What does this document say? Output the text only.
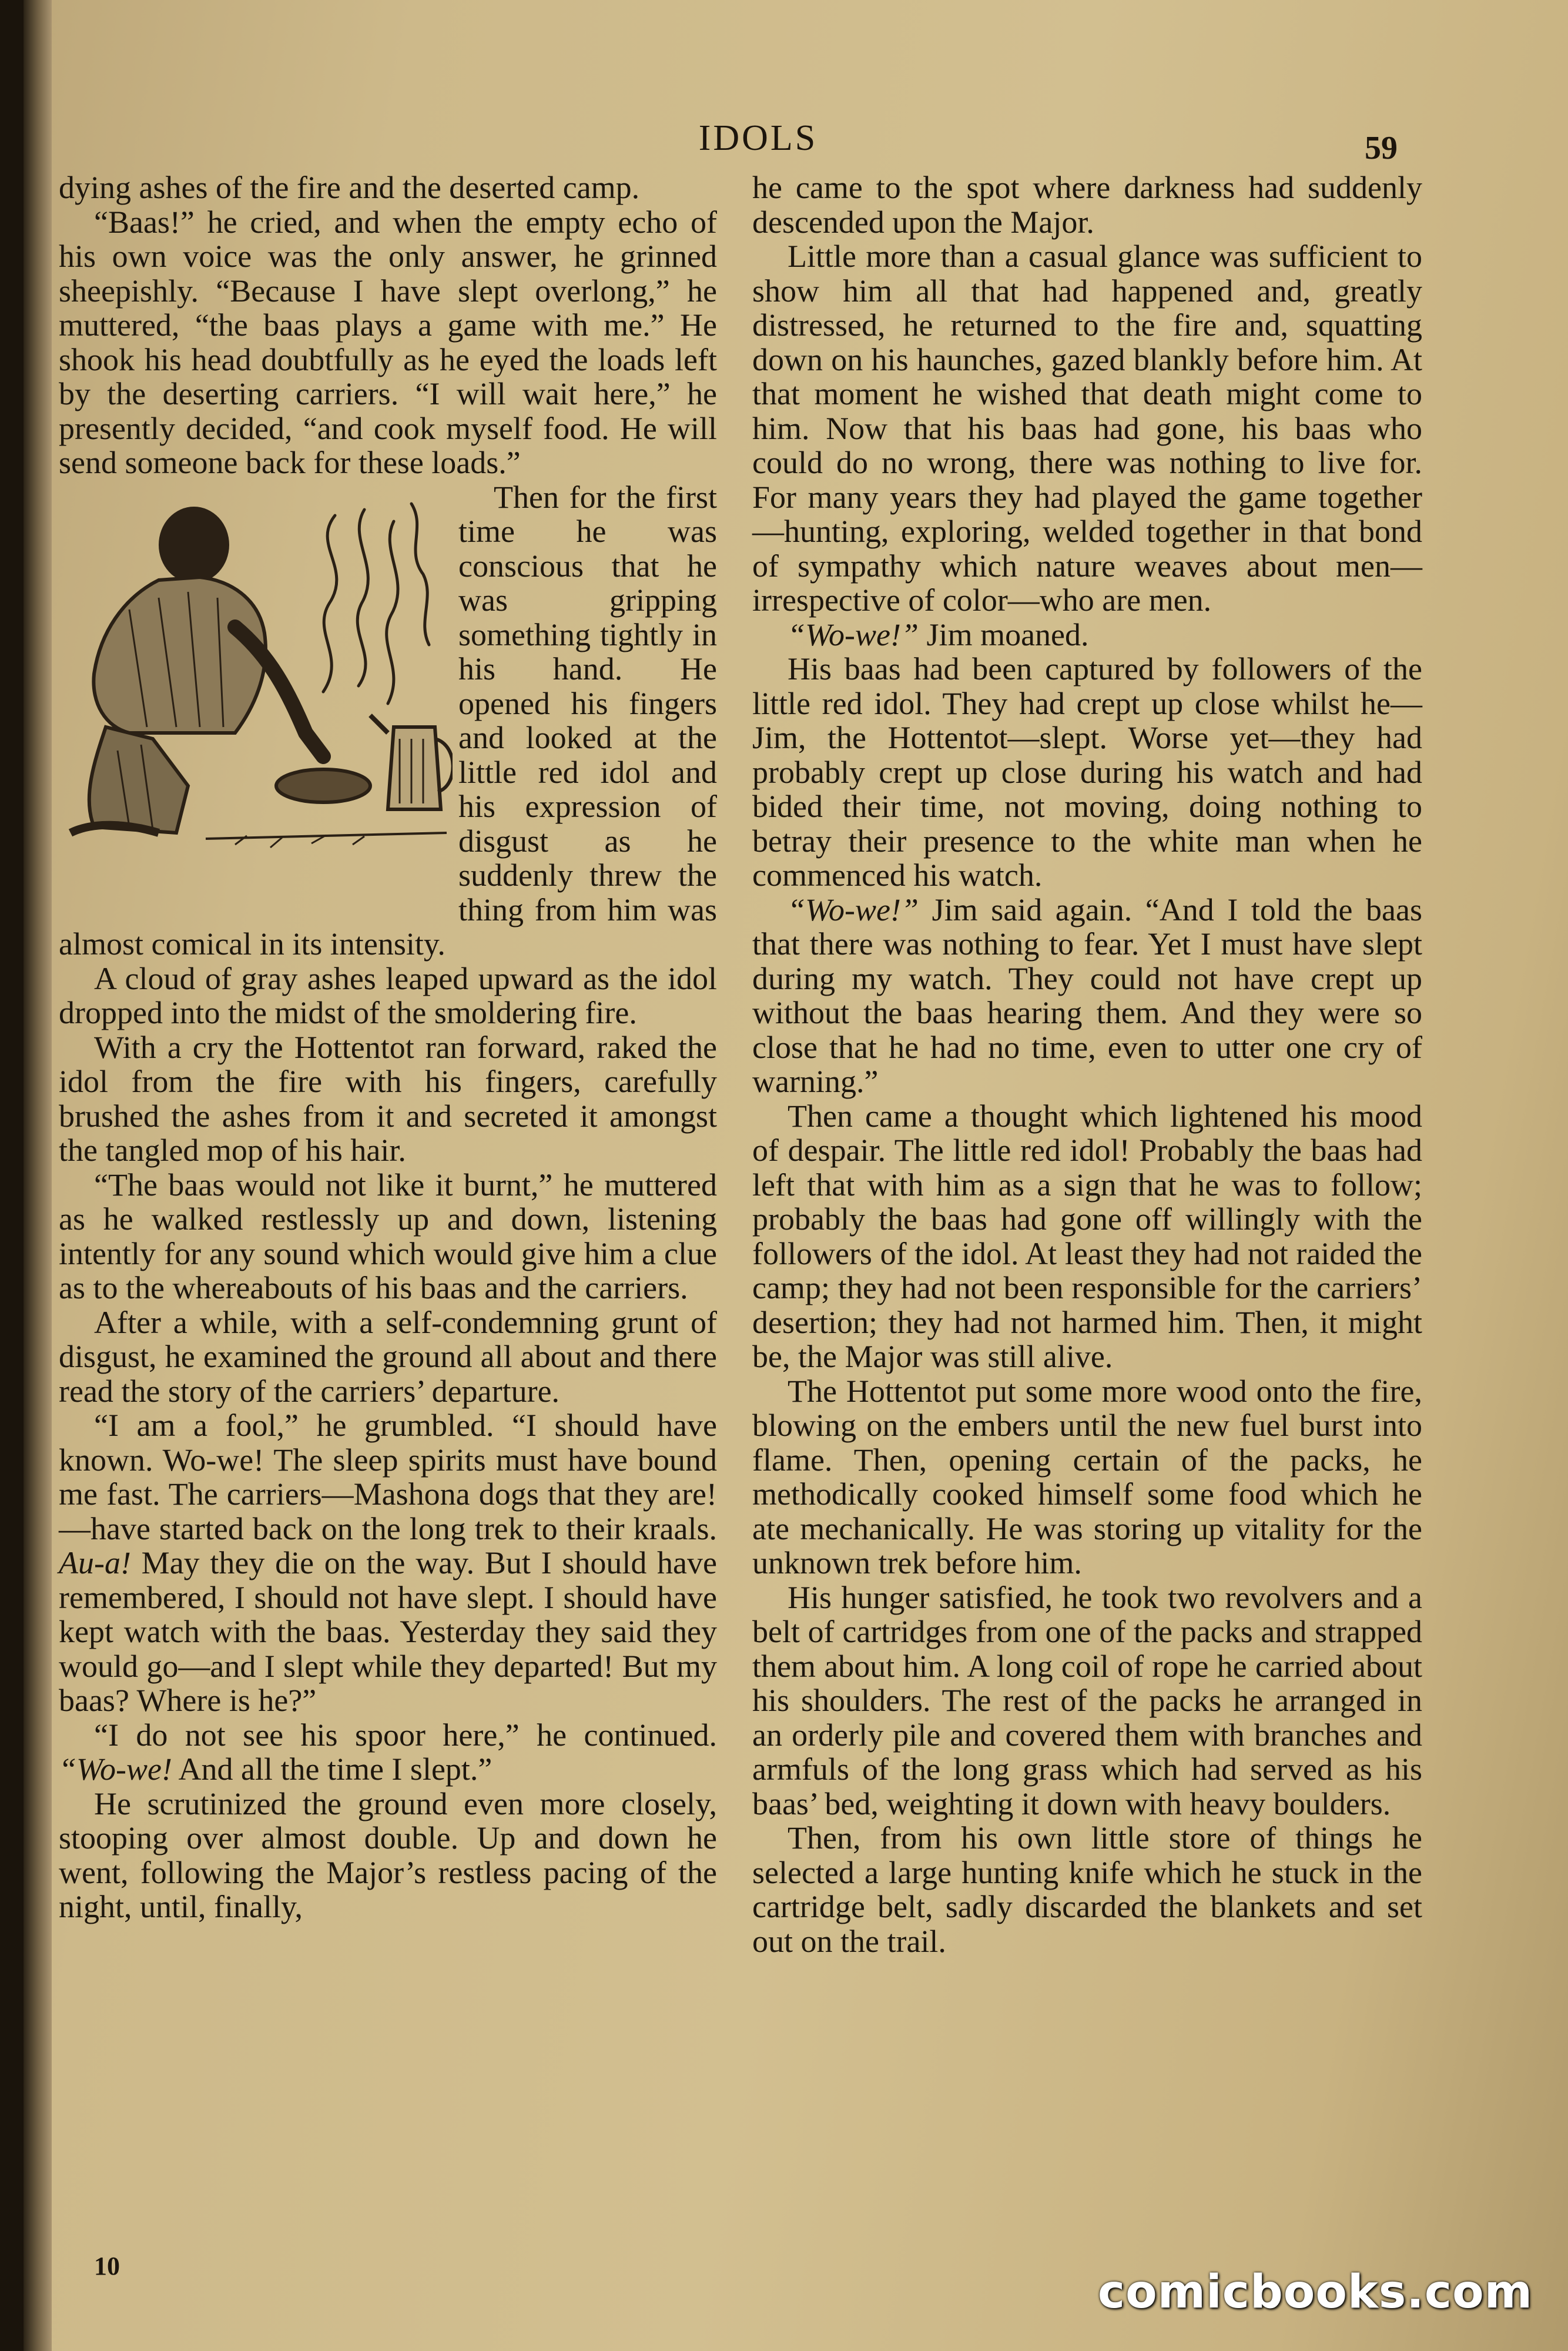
IDOLS	59

dying ashes of the fire and the deserted camp.

“Baas!” he cried, and when the empty echo of his own voice was the only answer, he grinned sheepishly. “Because I have slept overlong,” he muttered, “the baas plays a game with me.” He shook his head doubtfully as he eyed the loads left by the deserting carriers. “I will wait here,” he presently decided, “and cook myself food. He will send someone back for these loads.”

Then for the first time he was conscious that he was gripping something tightly in his hand. He opened his fingers and looked at the little red idol and his expression of disgust as he suddenly threw the thing from him was almost comical in its intensity.

A cloud of gray ashes leaped upward as the idol dropped into the midst of the smoldering fire.

With a cry the Hottentot ran forward, raked the idol from the fire with his fingers, carefully brushed the ashes from it and secreted it amongst the tangled mop of his hair.

“The baas would not like it burnt,” he muttered as he walked restlessly up and down, listening intently for any sound which would give him a clue as to the whereabouts of his baas and the carriers.

After a while, with a self-condemning grunt of disgust, he examined the ground all about and there read the story of the carriers’ departure.

“I am a fool,” he grumbled. “I should have known. Wo-we! The sleep spirits must have bound me fast. The carriers—Mashona dogs that they are!—have started back on the long trek to their kraals. Au-a! May they die on the way. But I should have remembered, I should not have slept. I should have kept watch with the baas. Yesterday they said they would go—and I slept while they departed! But my baas? Where is he?”

“I do not see his spoor here,” he continued. “Wo-we! And all the time I slept.”

He scrutinized the ground even more closely, stooping over almost double. Up and down he went, following the Major’s restless pacing of the night, until, finally,

he came to the spot where darkness had suddenly descended upon the Major.

Little more than a casual glance was sufficient to show him all that had happened and, greatly distressed, he returned to the fire and, squatting down on his haunches, gazed blankly before him. At that moment he wished that death might come to him. Now that his baas had gone, his baas who could do no wrong, there was nothing to live for. For many years they had played the game together—hunting, exploring, welded together in that bond of sympathy which nature weaves about men—irrespective of color—who are men.

“Wo-we!” Jim moaned.

His baas had been captured by followers of the little red idol. They had crept up close whilst he—Jim, the Hottentot—slept. Worse yet—they had probably crept up close during his watch and had bided their time, not moving, doing nothing to betray their presence to the white man when he commenced his watch.

“Wo-we!” Jim said again. “And I told the baas that there was nothing to fear. Yet I must have slept during my watch. They could not have crept up without the baas hearing them. And they were so close that he had no time, even to utter one cry of warning.”

Then came a thought which lightened his mood of despair. The little red idol! Probably the baas had left that with him as a sign that he was to follow; probably the baas had gone off willingly with the followers of the idol. At least they had not raided the camp; they had not been responsible for the carriers’ desertion; they had not harmed him. Then, it might be, the Major was still alive.

The Hottentot put some more wood onto the fire, blowing on the embers until the new fuel burst into flame. Then, opening certain of the packs, he methodically cooked himself some food which he ate mechanically. He was storing up vitality for the unknown trek before him.

His hunger satisfied, he took two revolvers and a belt of cartridges from one of the packs and strapped them about him. A long coil of rope he carried about his shoulders. The rest of the packs he arranged in an orderly pile and covered them with branches and armfuls of the long grass which had served as his baas’ bed, weighting it down with heavy boulders.

Then, from his own little store of things he selected a large hunting knife which he stuck in the cartridge belt, sadly discarded the blankets and set out on the trail.

10	comicbooks.com
